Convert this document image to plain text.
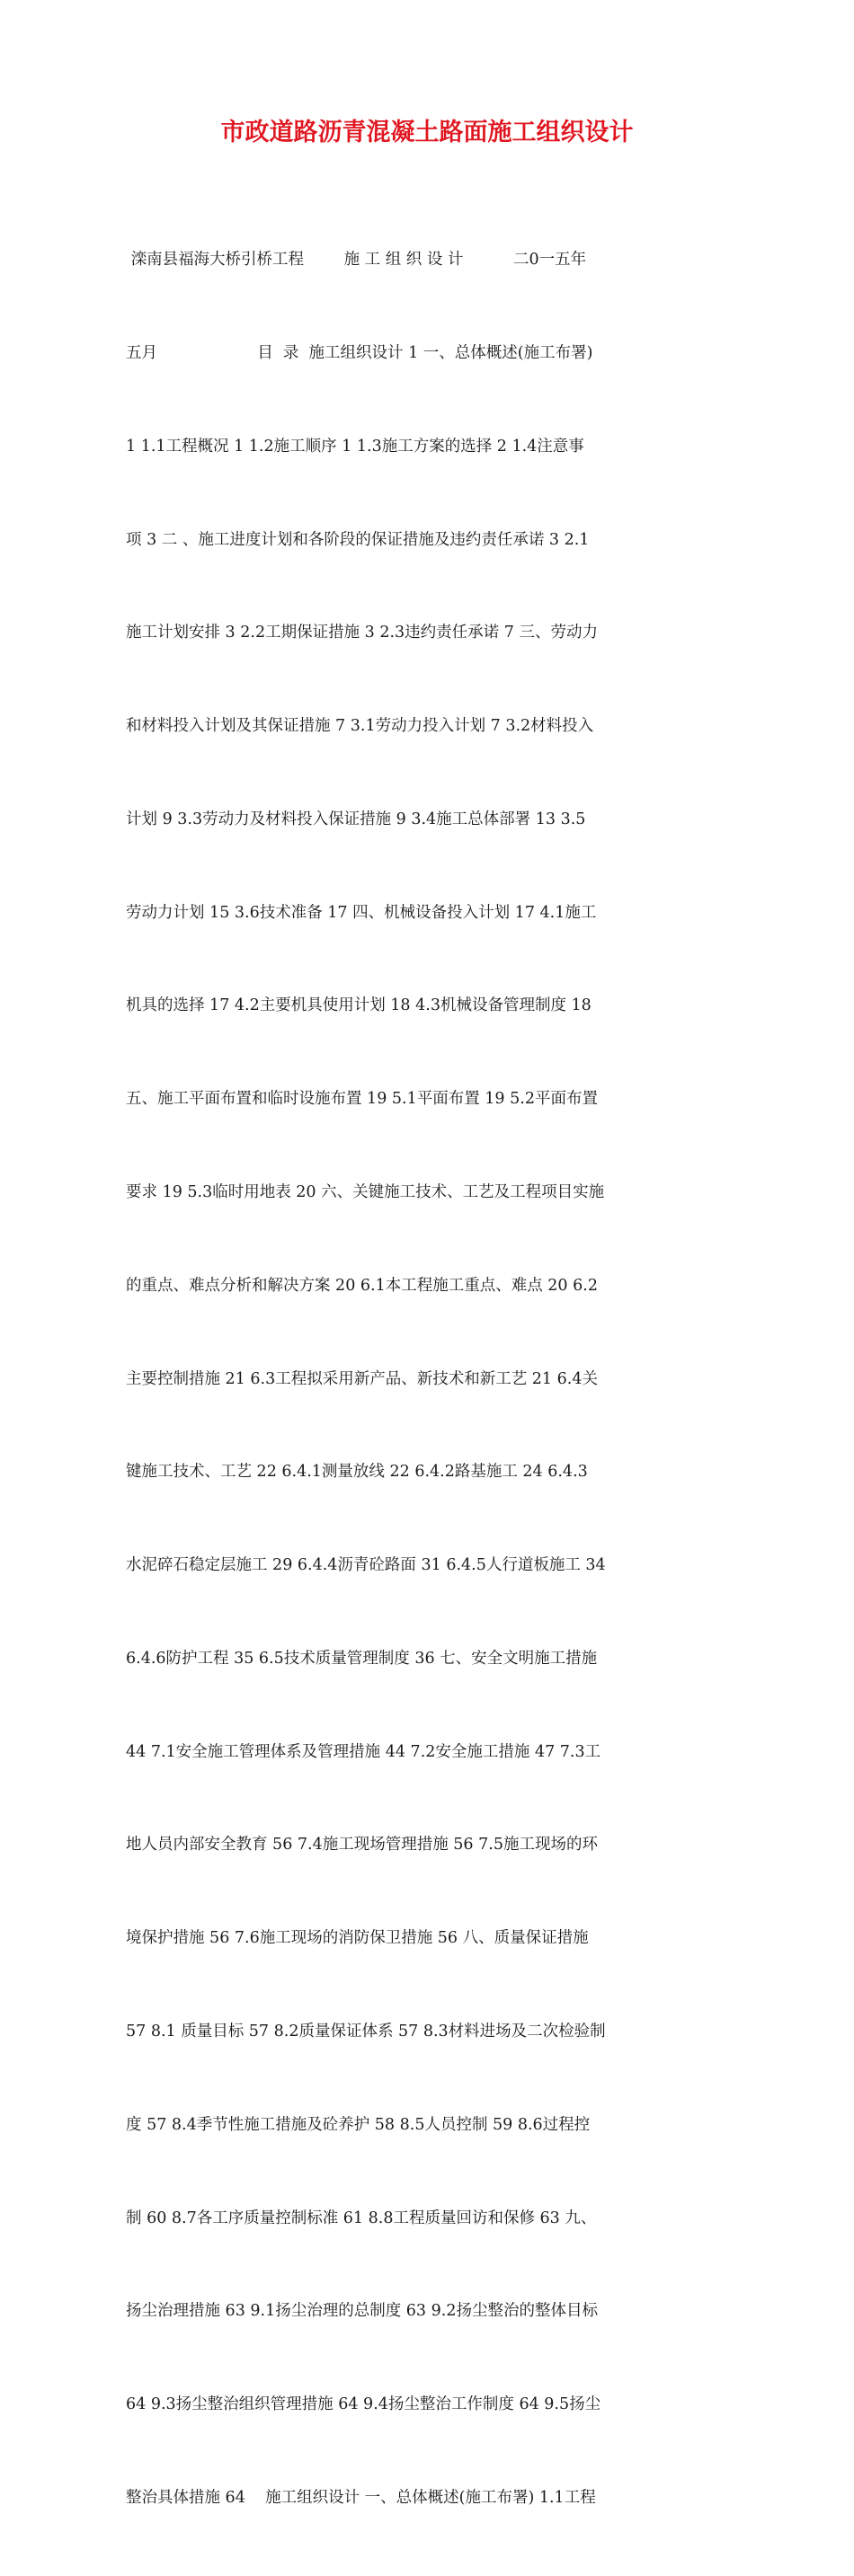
市政道路沥青混凝土路面施工组织设计

滦南县福海大桥引桥工程        施 工 组 织 设 计          二0一五年

五月                    目  录  施工组织设计 1 一、总体概述(施工布署)

1 1.1工程概况 1 1.2施工顺序 1 1.3施工方案的选择 2 1.4注意事

项 3 二 、施工进度计划和各阶段的保证措施及违约责任承诺 3 2.1

施工计划安排 3 2.2工期保证措施 3 2.3违约责任承诺 7 三、劳动力

和材料投入计划及其保证措施 7 3.1劳动力投入计划 7 3.2材料投入

计划 9 3.3劳动力及材料投入保证措施 9 3.4施工总体部署 13 3.5

劳动力计划 15 3.6技术准备 17 四、机械设备投入计划 17 4.1施工

机具的选择 17 4.2主要机具使用计划 18 4.3机械设备管理制度 18

五、施工平面布置和临时设施布置 19 5.1平面布置 19 5.2平面布置

要求 19 5.3临时用地表 20 六、关键施工技术、工艺及工程项目实施

的重点、难点分析和解决方案 20 6.1本工程施工重点、难点 20 6.2

主要控制措施 21 6.3工程拟采用新产品、新技术和新工艺 21 6.4关

键施工技术、工艺 22 6.4.1测量放线 22 6.4.2路基施工 24 6.4.3

水泥碎石稳定层施工 29 6.4.4沥青砼路面 31 6.4.5人行道板施工 34

6.4.6防护工程 35 6.5技术质量管理制度 36 七、安全文明施工措施

44 7.1安全施工管理体系及管理措施 44 7.2安全施工措施 47 7.3工

地人员内部安全教育 56 7.4施工现场管理措施 56 7.5施工现场的环

境保护措施 56 7.6施工现场的消防保卫措施 56 八、质量保证措施

57 8.1 质量目标 57 8.2质量保证体系 57 8.3材料进场及二次检验制

度 57 8.4季节性施工措施及砼养护 58 8.5人员控制 59 8.6过程控

制 60 8.7各工序质量控制标准 61 8.8工程质量回访和保修 63 九、

扬尘治理措施 63 9.1扬尘治理的总制度 63 9.2扬尘整治的整体目标

64 9.3扬尘整治组织管理措施 64 9.4扬尘整治工作制度 64 9.5扬尘

整治具体措施 64    施工组织设计 一、总体概述(施工布署) 1.1工程
